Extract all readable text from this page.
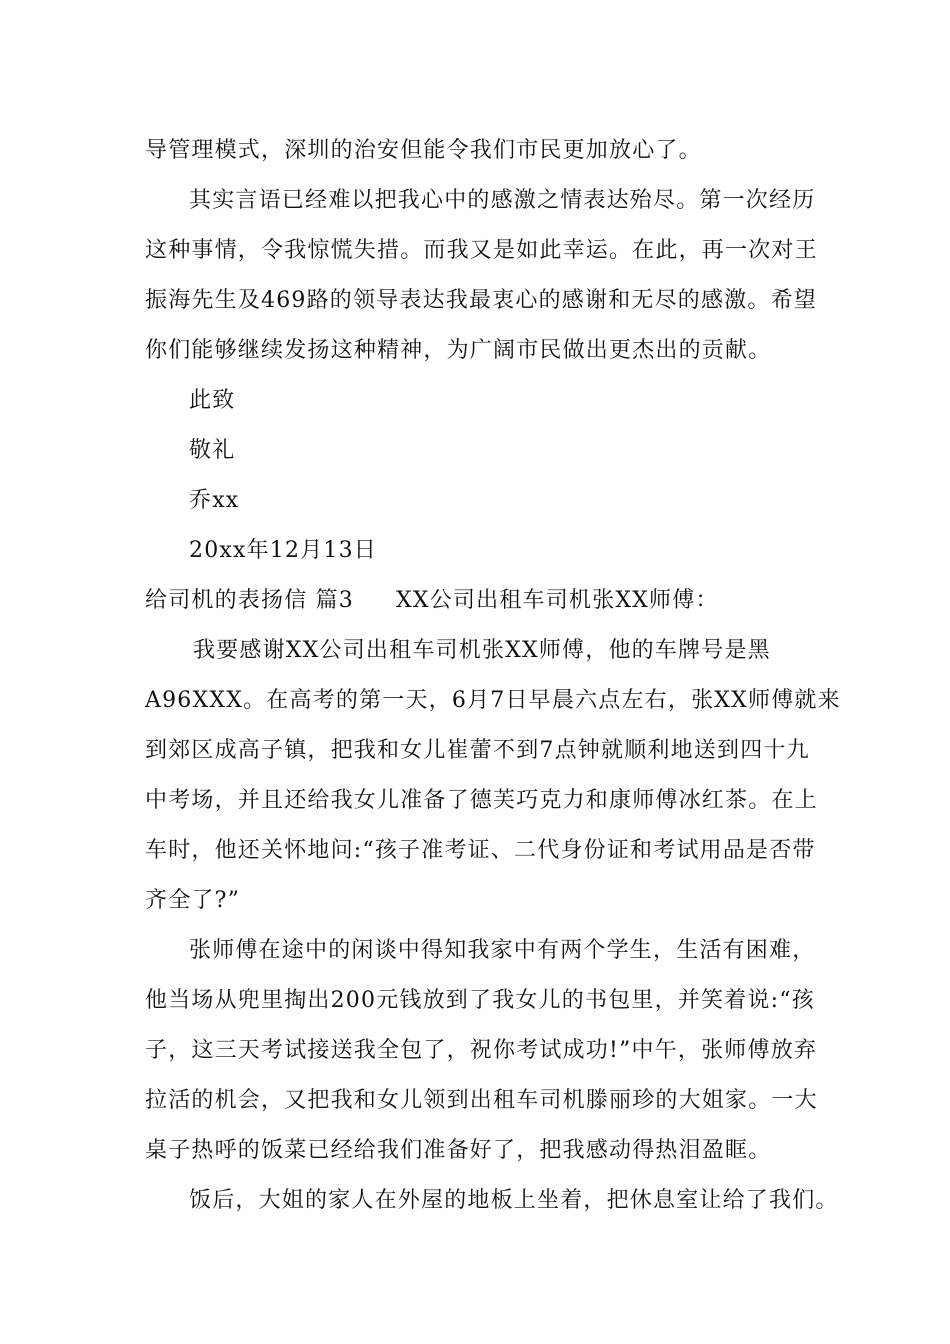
导管理模式，深圳的治安但能令我们市民更加放心了。
其实言语已经难以把我心中的感激之情表达殆尽。第一次经历
这种事情，令我惊慌失措。而我又是如此幸运。在此，再一次对王
振海先生及469路的领导表达我最衷心的感谢和无尽的感激。希望
你们能够继续发扬这种精神，为广阔市民做出更杰出的贡献。
此致
敬礼
乔xx
20xx年12月13日
给司机的表扬信 篇3 XX公司出租车司机张XX师傅：
我要感谢XX公司出租车司机张XX师傅，他的车牌号是黑
A96XXX。在高考的第一天，6月7日早晨六点左右，张XX师傅就来
到郊区成高子镇，把我和女儿崔蕾不到7点钟就顺利地送到四十九
中考场，并且还给我女儿准备了德芙巧克力和康师傅冰红茶。在上
车时，他还关怀地问:“孩子准考证、二代身份证和考试用品是否带
齐全了?”
张师傅在途中的闲谈中得知我家中有两个学生，生活有困难，
他当场从兜里掏出200元钱放到了我女儿的书包里，并笑着说:“孩
子，这三天考试接送我全包了，祝你考试成功!”中午，张师傅放弃
拉活的机会，又把我和女儿领到出租车司机滕丽珍的大姐家。一大
桌子热呼的饭菜已经给我们准备好了，把我感动得热泪盈眶。
饭后，大姐的家人在外屋的地板上坐着，把休息室让给了我们。
